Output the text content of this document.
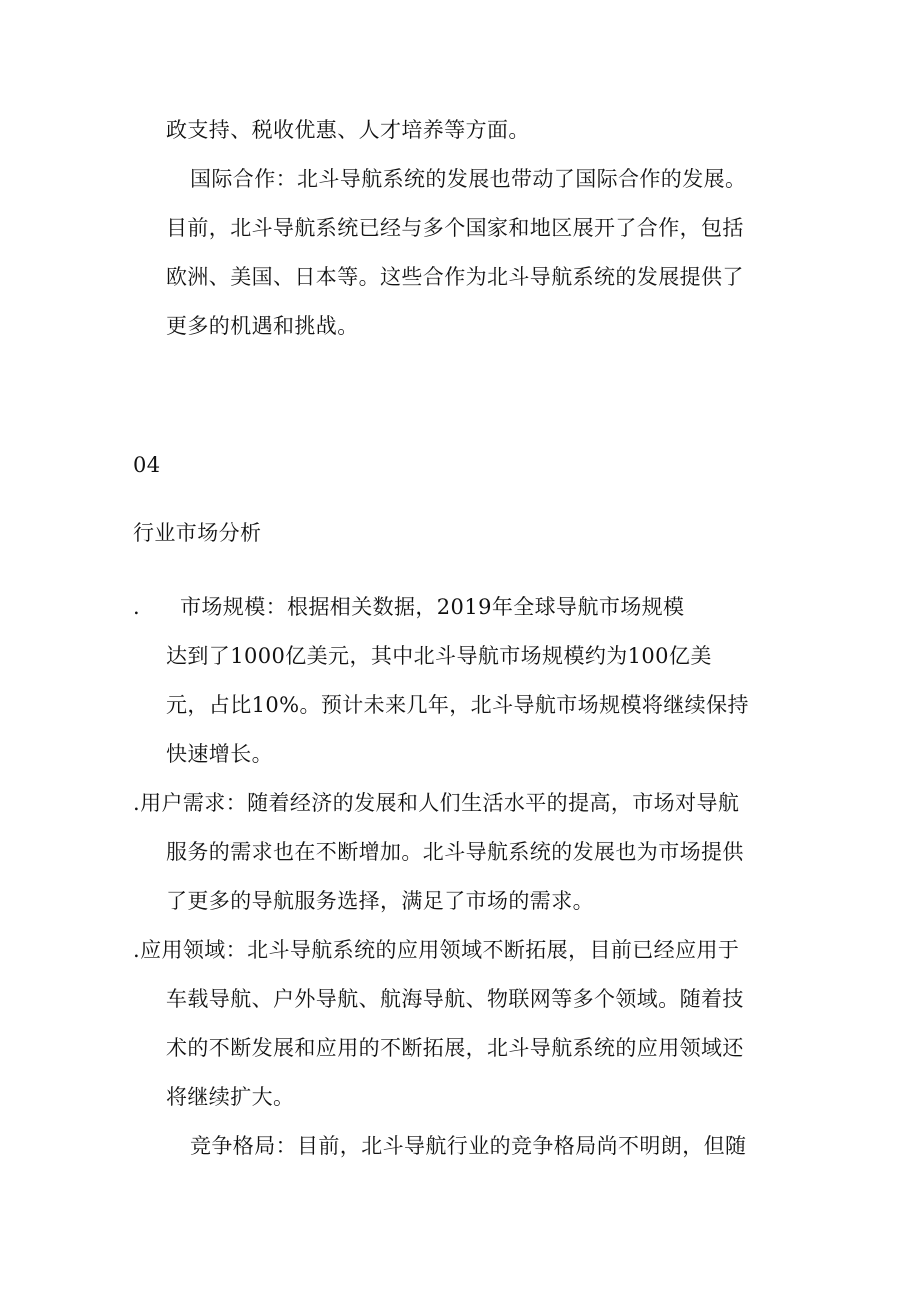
政支持、税收优惠、人才培养等方面。
国际合作：北斗导航系统的发展也带动了国际合作的发展。
目前，北斗导航系统已经与多个国家和地区展开了合作，包括
欧洲、美国、日本等。这些合作为北斗导航系统的发展提供了
更多的机遇和挑战。
04
行业市场分析
. 市场规模：根据相关数据，2019年全球导航市场规模
达到了1000亿美元，其中北斗导航市场规模约为100亿美
元，占比10%。预计未来几年，北斗导航市场规模将继续保持
快速增长。
.用户需求：随着经济的发展和人们生活水平的提高，市场对导航
服务的需求也在不断增加。北斗导航系统的发展也为市场提供
了更多的导航服务选择，满足了市场的需求。
.应用领域：北斗导航系统的应用领域不断拓展，目前已经应用于
车载导航、户外导航、航海导航、物联网等多个领域。随着技
术的不断发展和应用的不断拓展，北斗导航系统的应用领域还
将继续扩大。
竞争格局：目前，北斗导航行业的竞争格局尚不明朗，但随
